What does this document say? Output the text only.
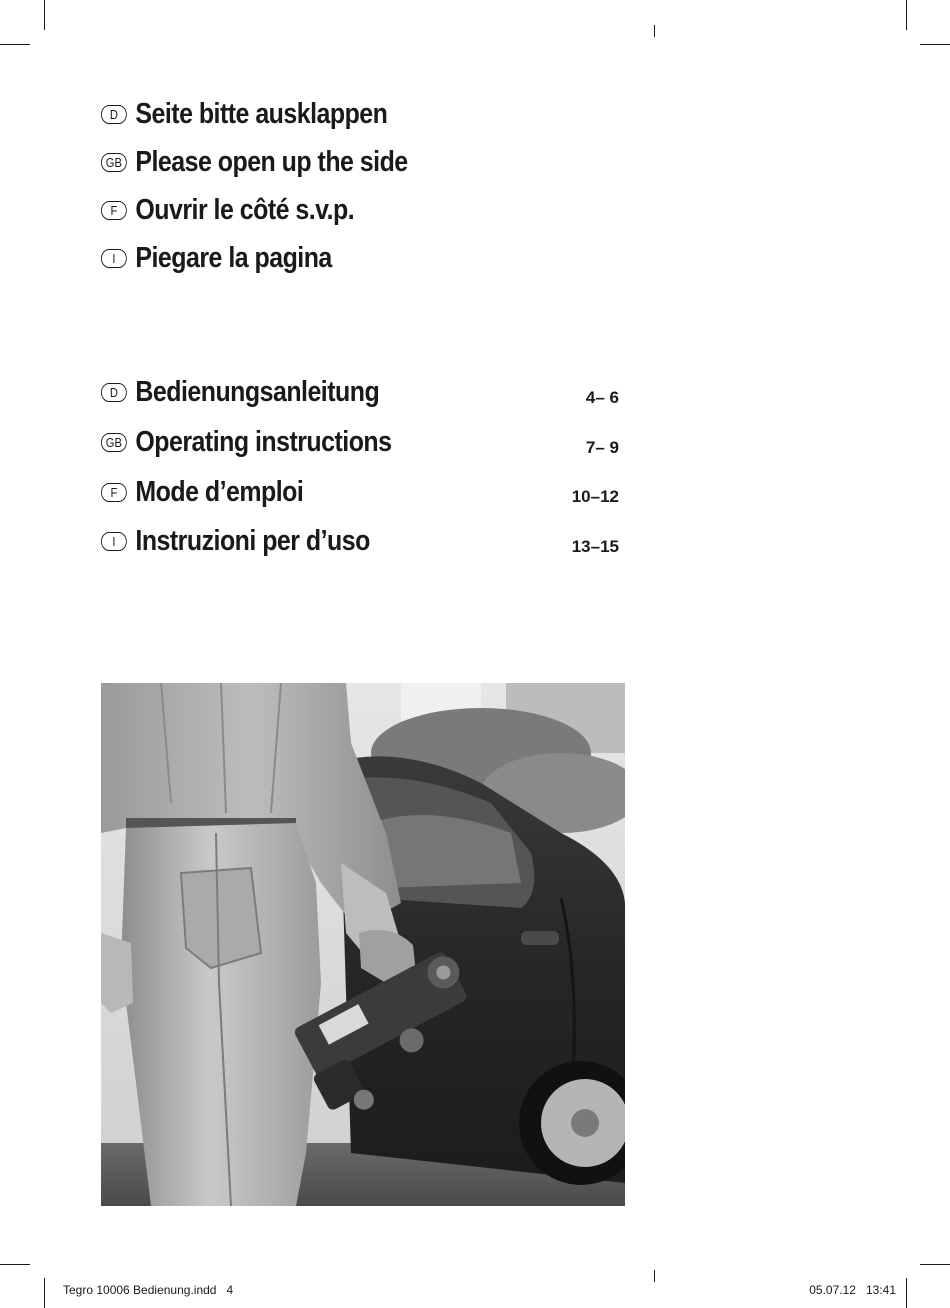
D Seite bitte ausklappen
GB Please open up the side
F Ouvrir le côté s.v.p.
I Piegare la pagina
D Bedienungsanleitung	4– 6
GB Operating instructions	7– 9
F Mode d’emploi	10–12
I Instruzioni per d’uso	13–15
Tegro 10006 Bedienung.indd   4	05.07.12   13:41
